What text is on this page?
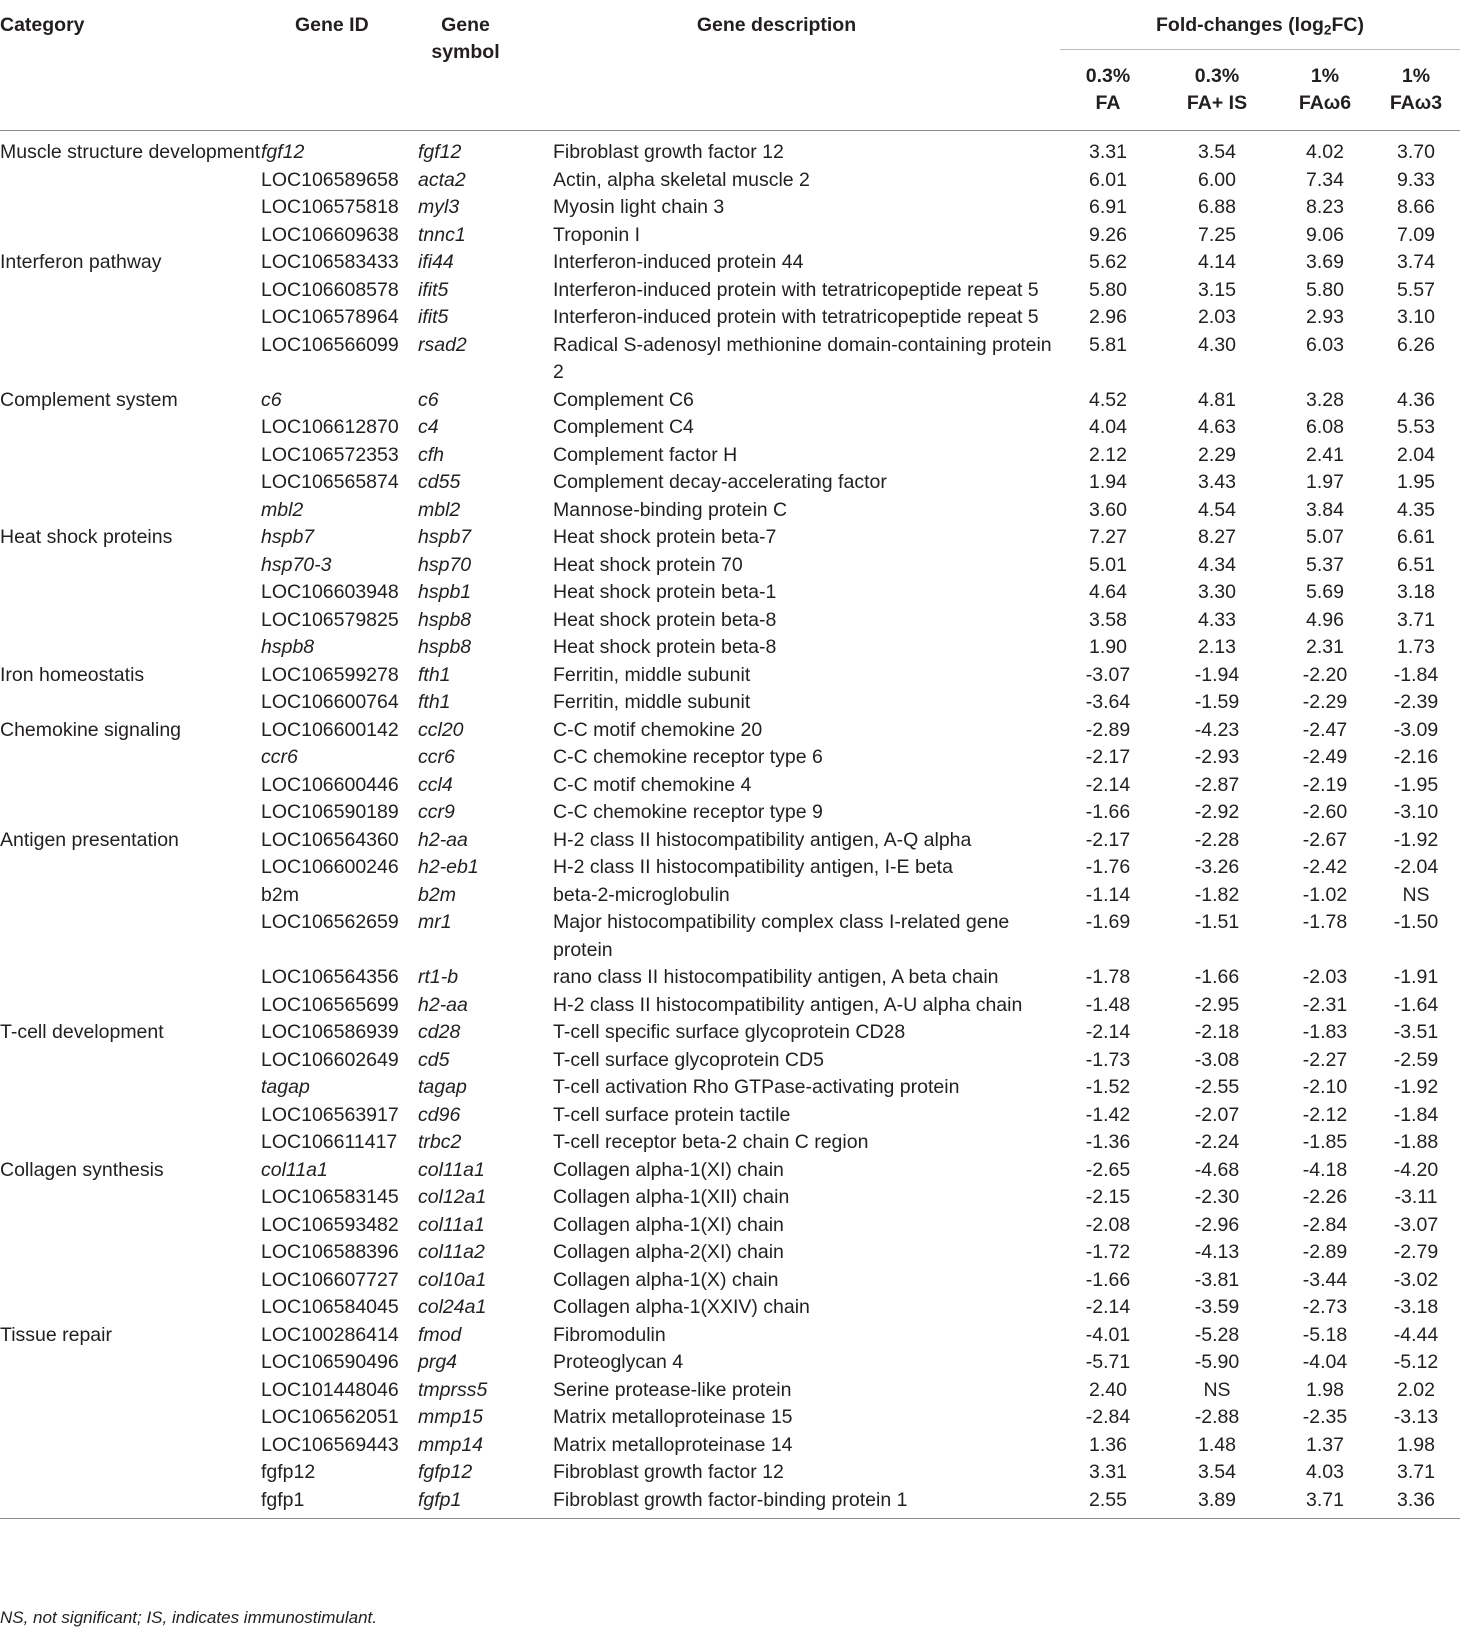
Category	Gene ID	Gene symbol	Gene description	Fold-changes $(\log_2FC)$			
				0.3% FA	0.3% FA+ IS	1% FAω6	1% FAω3
Muscle structure development	fgf12	fgf12	Fibroblast growth factor 12	3.31	3.54	4.02	3.70
	LOC106589658	acta2	Actin, alpha skeletal muscle 2	6.01	6.00	7.34	9.33
	LOC106575818	myl3	Myosin light chain 3	6.91	6.88	8.23	8.66
	LOC106609638	tnnc1	Troponin I	9.26	7.25	9.06	7.09
Interferon pathway	LOC106583433	ifi44	Interferon-induced protein 44	5.62	4.14	3.69	3.74
	LOC106608578	ifit5	Interferon-induced protein with tetratricopeptide repeat 5	5.80	3.15	5.80	5.57
	LOC106578964	ifit5	Interferon-induced protein with tetratricopeptide repeat 5	2.96	2.03	2.93	3.10
	LOC106566099	rsad2	Radical S-adenosyl methionine domain-containing protein 2	5.81	4.30	6.03	6.26
Complement system	c6	c6	Complement C6	4.52	4.81	3.28	4.36
	LOC106612870	c4	Complement C4	4.04	4.63	6.08	5.53
	LOC106572353	cfh	Complement factor H	2.12	2.29	2.41	2.04
	LOC106565874	cd55	Complement decay-accelerating factor	1.94	3.43	1.97	1.95
	mbl2	mbl2	Mannose-binding protein C	3.60	4.54	3.84	4.35
Heat shock proteins	hspb7	hspb7	Heat shock protein beta-7	7.27	8.27	5.07	6.61
	hsp70-3	hsp70	Heat shock protein 70	5.01	4.34	5.37	6.51
	LOC106603948	hspb1	Heat shock protein beta-1	4.64	3.30	5.69	3.18
	LOC106579825	hspb8	Heat shock protein beta-8	3.58	4.33	4.96	3.71
	hspb8	hspb8	Heat shock protein beta-8	1.90	2.13	2.31	1.73
Iron homeostatis	LOC106599278	fth1	Ferritin, middle subunit	-3.07	-1.94	-2.20	-1.84
	LOC106600764	fth1	Ferritin, middle subunit	-3.64	-1.59	-2.29	-2.39
Chemokine signaling	LOC106600142	ccl20	C-C motif chemokine 20	-2.89	-4.23	-2.47	-3.09
	ccr6	ccr6	C-C chemokine receptor type 6	-2.17	-2.93	-2.49	-2.16
	LOC106600446	ccl4	C-C motif chemokine 4	-2.14	-2.87	-2.19	-1.95
	LOC106590189	ccr9	C-C chemokine receptor type 9	-1.66	-2.92	-2.60	-3.10
Antigen presentation	LOC106564360	h2-aa	H-2 class II histocompatibility antigen, A-Q alpha	-2.17	-2.28	-2.67	-1.92
	LOC106600246	h2-eb1	H-2 class II histocompatibility antigen, I-E beta	-1.76	-3.26	-2.42	-2.04
	b2m	b2m	beta-2-microglobulin	-1.14	-1.82	-1.02	NS
	LOC106562659	mr1	Major histocompatibility complex class I-related gene protein	-1.69	-1.51	-1.78	-1.50
	LOC106564356	rt1-b	rano class II histocompatibility antigen, A beta chain	-1.78	-1.66	-2.03	-1.91
	LOC106565699	h2-aa	H-2 class II histocompatibility antigen, A-U alpha chain	-1.48	-2.95	-2.31	-1.64
T-cell development	LOC106586939	cd28	T-cell specific surface glycoprotein CD28	-2.14	-2.18	-1.83	-3.51
	LOC106602649	cd5	T-cell surface glycoprotein CD5	-1.73	-3.08	-2.27	-2.59
	tagap	tagap	T-cell activation Rho GTPase-activating protein	-1.52	-2.55	-2.10	-1.92
	LOC106563917	cd96	T-cell surface protein tactile	-1.42	-2.07	-2.12	-1.84
	LOC106611417	trbc2	T-cell receptor beta-2 chain C region	-1.36	-2.24	-1.85	-1.88
Collagen synthesis	col11a1	col11a1	Collagen alpha-1(XI) chain	-2.65	-4.68	-4.18	-4.20
	LOC106583145	col12a1	Collagen alpha-1(XII) chain	-2.15	-2.30	-2.26	-3.11
	LOC106593482	col11a1	Collagen alpha-1(XI) chain	-2.08	-2.96	-2.84	-3.07
	LOC106588396	col11a2	Collagen alpha-2(XI) chain	-1.72	-4.13	-2.89	-2.79
	LOC106607727	col10a1	Collagen alpha-1(X) chain	-1.66	-3.81	-3.44	-3.02
	LOC106584045	col24a1	Collagen alpha-1(XXIV) chain	-2.14	-3.59	-2.73	-3.18
Tissue repair	LOC100286414	fmod	Fibromodulin	-4.01	-5.28	-5.18	-4.44
	LOC106590496	prg4	Proteoglycan 4	-5.71	-5.90	-4.04	-5.12
	LOC101448046	tmprss5	Serine protease-like protein	2.40	NS	1.98	2.02
	LOC106562051	mmp15	Matrix metalloproteinase 15	-2.84	-2.88	-2.35	-3.13
	LOC106569443	mmp14	Matrix metalloproteinase 14	1.36	1.48	1.37	1.98
	fgfp12	fgfp12	Fibroblast growth factor 12	3.31	3.54	4.03	3.71
	fgfp1	fgfp1	Fibroblast growth factor-binding protein 1	2.55	3.89	3.71	3.36
NS, not significant; IS, indicates immunostimulant.
